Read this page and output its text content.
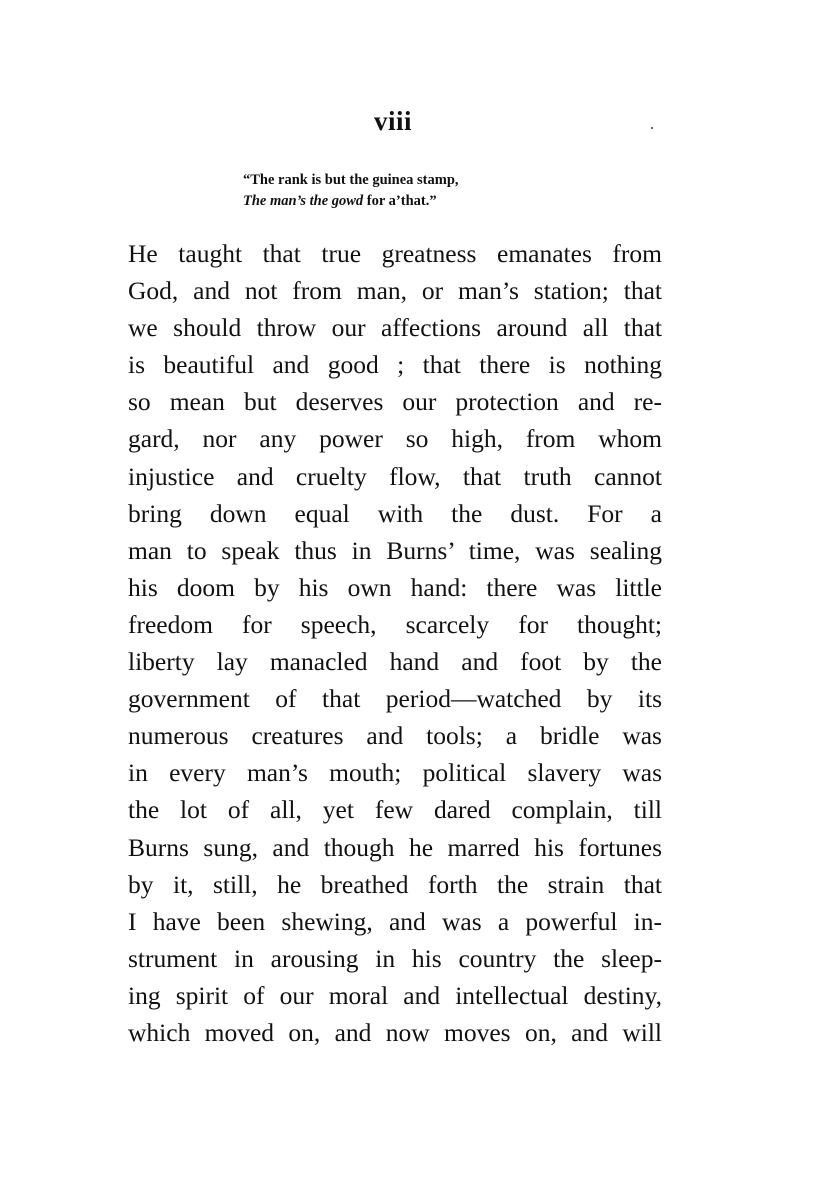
viii
“The rank is but the guinea stamp,
The man’s the gowd for a’that.”
He taught that true greatness emanates from
God, and not from man, or man’s station; that
we should throw our affections around all that
is beautiful and good ; that there is nothing
so mean but deserves our protection and re-
gard, nor any power so high, from whom
injustice and cruelty flow, that truth cannot
bring down equal with the dust. For a
man to speak thus in Burns’ time, was sealing
his doom by his own hand: there was little
freedom for speech, scarcely for thought;
liberty lay manacled hand and foot by the
government of that period—watched by its
numerous creatures and tools; a bridle was
in every man’s mouth; political slavery was
the lot of all, yet few dared complain, till
Burns sung, and though he marred his fortunes
by it, still, he breathed forth the strain that
I have been shewing, and was a powerful in-
strument in arousing in his country the sleep-
ing spirit of our moral and intellectual destiny,
which moved on, and now moves on, and will
